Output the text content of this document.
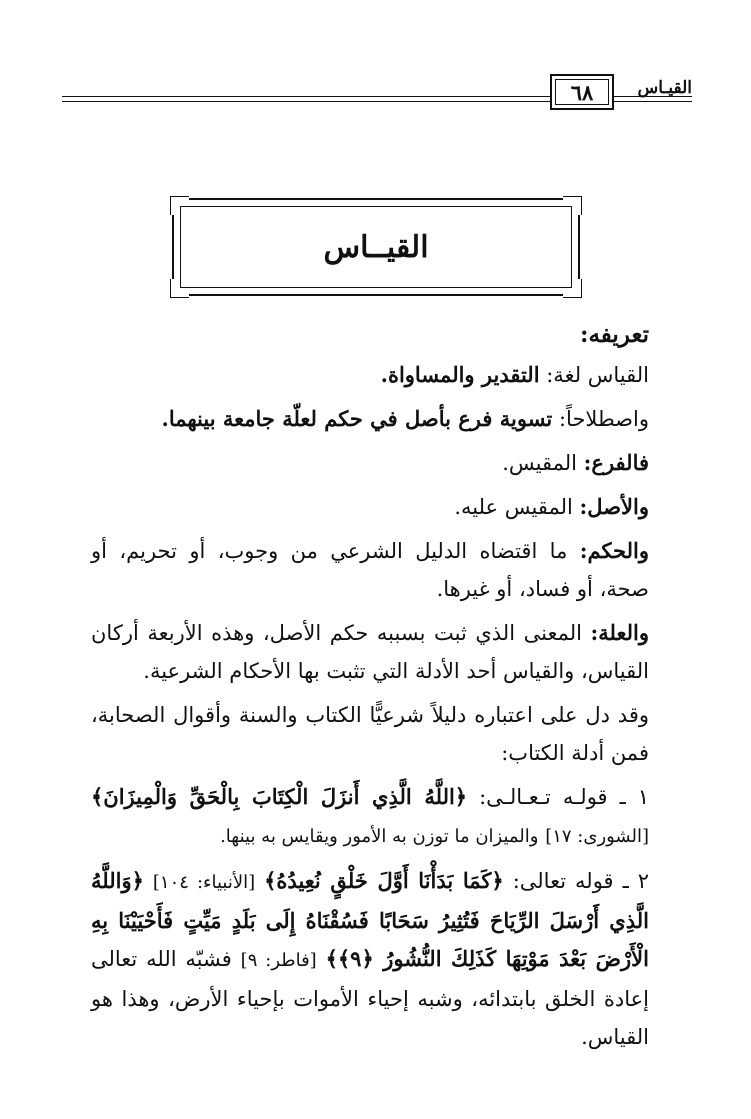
القيـاس
٦٨
القيــاس

تعريفه:

القياس لغة: التقدير والمساواة.

واصطلاحاً: تسوية فرع بأصل في حكم لعلّة جامعة بينهما.

فالفرع: المقيس.

والأصل: المقيس عليه.

والحكم: ما اقتضاه الدليل الشرعي من وجوب، أو تحريم، أو صحة، أو فساد، أو غيرها.

والعلة: المعنى الذي ثبت بسببه حكم الأصل، وهذه الأربعة أركان القياس، والقياس أحد الأدلة التي تثبت بها الأحكام الشرعية.

وقد دل على اعتباره دليلاً شرعيًّا الكتاب والسنة وأقوال الصحابة، فمن أدلة الكتاب:

١ ـ قولـه تـعـالـى: ﴿اللَّهُ الَّذِي أَنزَلَ الْكِتَابَ بِالْحَقِّ وَالْمِيزَانَ﴾ [الشورى: ١٧] والميزان ما توزن به الأمور ويقايس به بينها.

٢ ـ قوله تعالى: ﴿كَمَا بَدَأْنَا أَوَّلَ خَلْقٍ نُعِيدُهُ﴾ [الأنبياء: ١٠٤] ﴿وَاللَّهُ الَّذِي أَرْسَلَ الرِّيَاحَ فَتُثِيرُ سَحَابًا فَسُقْنَاهُ إِلَى بَلَدٍ مَيِّتٍ فَأَحْيَيْنَا بِهِ الْأَرْضَ بَعْدَ مَوْتِهَا كَذَلِكَ النُّشُورُ ﴿٩﴾﴾ [فاطر: ٩] فشبّه الله تعالى إعادة الخلق بابتدائه، وشبه إحياء الأموات بإحياء الأرض، وهذا هو القياس.
